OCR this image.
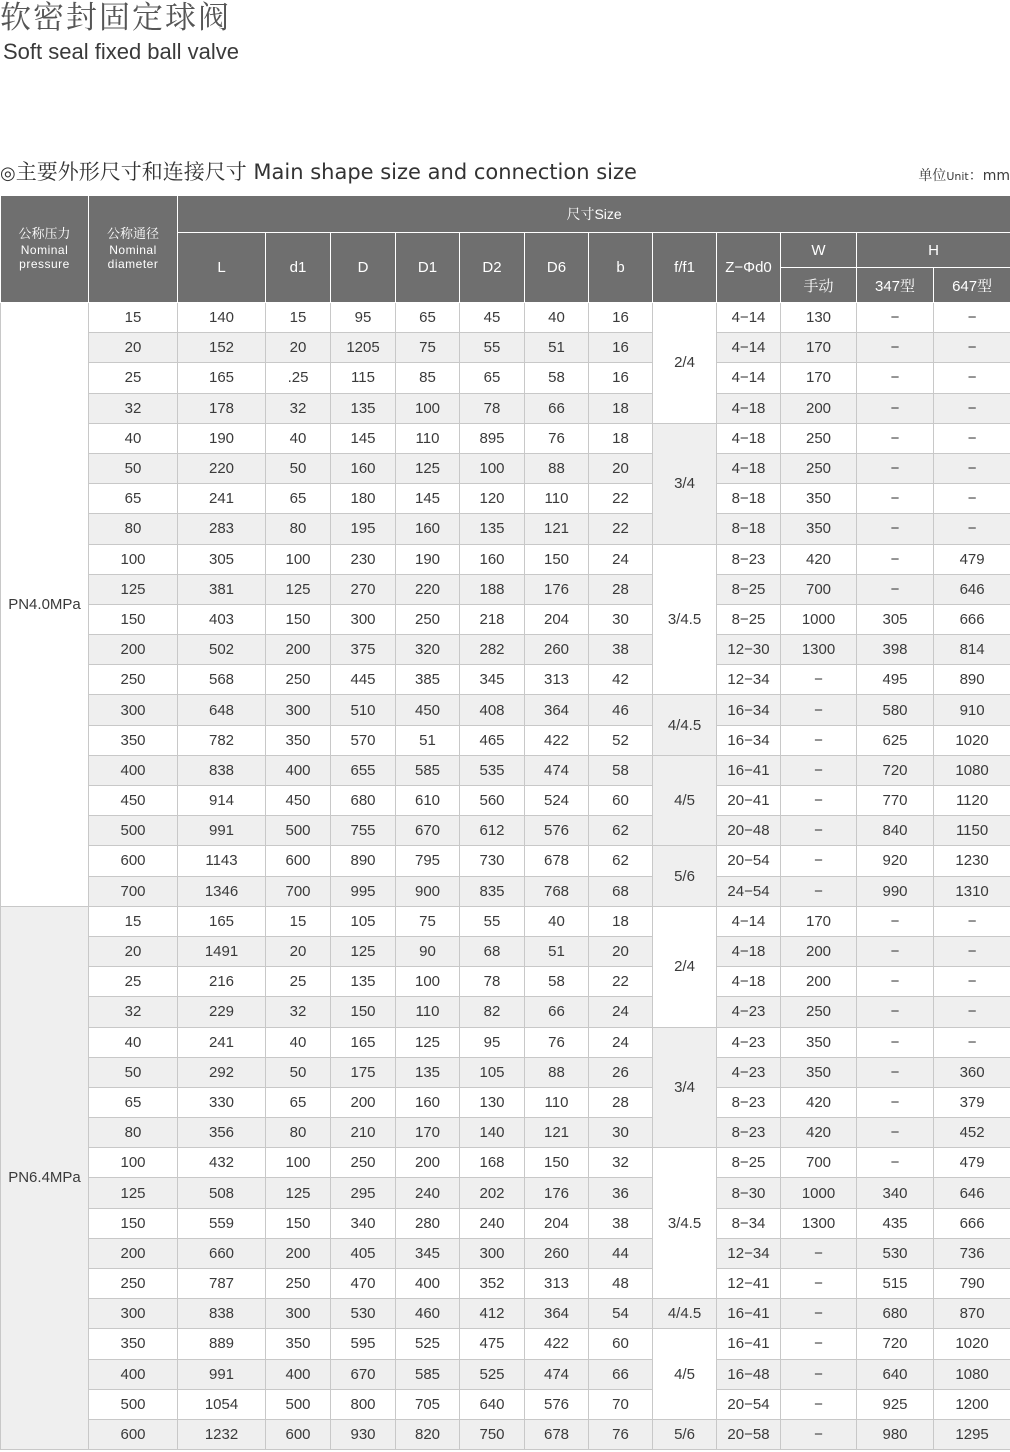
软密封固定球阀
Soft seal fixed ball valve
◎主要外形尺寸和连接尺寸 Main shape size and connection size	单位Unit：mm
公称压力
Nominal
pressure	公称通径
Nominal
diameter	尺寸Size											
		L	d1	D	D1	D2	D6	b	f/f1	Z−Φd0	W	H	
											手动	347型	647型
PN4.0MPa	15	140	15	95	65	45	40	16	2/4	4−14	130	−	−
	20	152	20	1205	75	55	51	16		4−14	170	−	−
	25	165	.25	115	85	65	58	16		4−14	170	−	−
	32	178	32	135	100	78	66	18		4−18	200	−	−
	40	190	40	145	110	895	76	18	3/4	4−18	250	−	−
	50	220	50	160	125	100	88	20		4−18	250	−	−
	65	241	65	180	145	120	110	22		8−18	350	−	−
	80	283	80	195	160	135	121	22		8−18	350	−	−
	100	305	100	230	190	160	150	24	3/4.5	8−23	420	−	479
	125	381	125	270	220	188	176	28		8−25	700	−	646
	150	403	150	300	250	218	204	30		8−25	1000	305	666
	200	502	200	375	320	282	260	38		12−30	1300	398	814
	250	568	250	445	385	345	313	42		12−34	−	495	890
	300	648	300	510	450	408	364	46	4/4.5	16−34	−	580	910
	350	782	350	570	51	465	422	52		16−34	−	625	1020
	400	838	400	655	585	535	474	58	4/5	16−41	−	720	1080
	450	914	450	680	610	560	524	60		20−41	−	770	1120
	500	991	500	755	670	612	576	62		20−48	−	840	1150
	600	1143	600	890	795	730	678	62	5/6	20−54	−	920	1230
	700	1346	700	995	900	835	768	68		24−54	−	990	1310
PN6.4MPa	15	165	15	105	75	55	40	18	2/4	4−14	170	−	−
	20	1491	20	125	90	68	51	20		4−18	200	−	−
	25	216	25	135	100	78	58	22		4−18	200	−	−
	32	229	32	150	110	82	66	24		4−23	250	−	−
	40	241	40	165	125	95	76	24	3/4	4−23	350	−	−
	50	292	50	175	135	105	88	26		4−23	350	−	360
	65	330	65	200	160	130	110	28		8−23	420	−	379
	80	356	80	210	170	140	121	30		8−23	420	−	452
	100	432	100	250	200	168	150	32	3/4.5	8−25	700	−	479
	125	508	125	295	240	202	176	36		8−30	1000	340	646
	150	559	150	340	280	240	204	38		8−34	1300	435	666
	200	660	200	405	345	300	260	44		12−34	−	530	736
	250	787	250	470	400	352	313	48		12−41	−	515	790
	300	838	300	530	460	412	364	54	4/4.5	16−41	−	680	870
	350	889	350	595	525	475	422	60	4/5	16−41	−	720	1020
	400	991	400	670	585	525	474	66		16−48	−	640	1080
	500	1054	500	800	705	640	576	70		20−54	−	925	1200
	600	1232	600	930	820	750	678	76	5/6	20−58	−	980	1295
